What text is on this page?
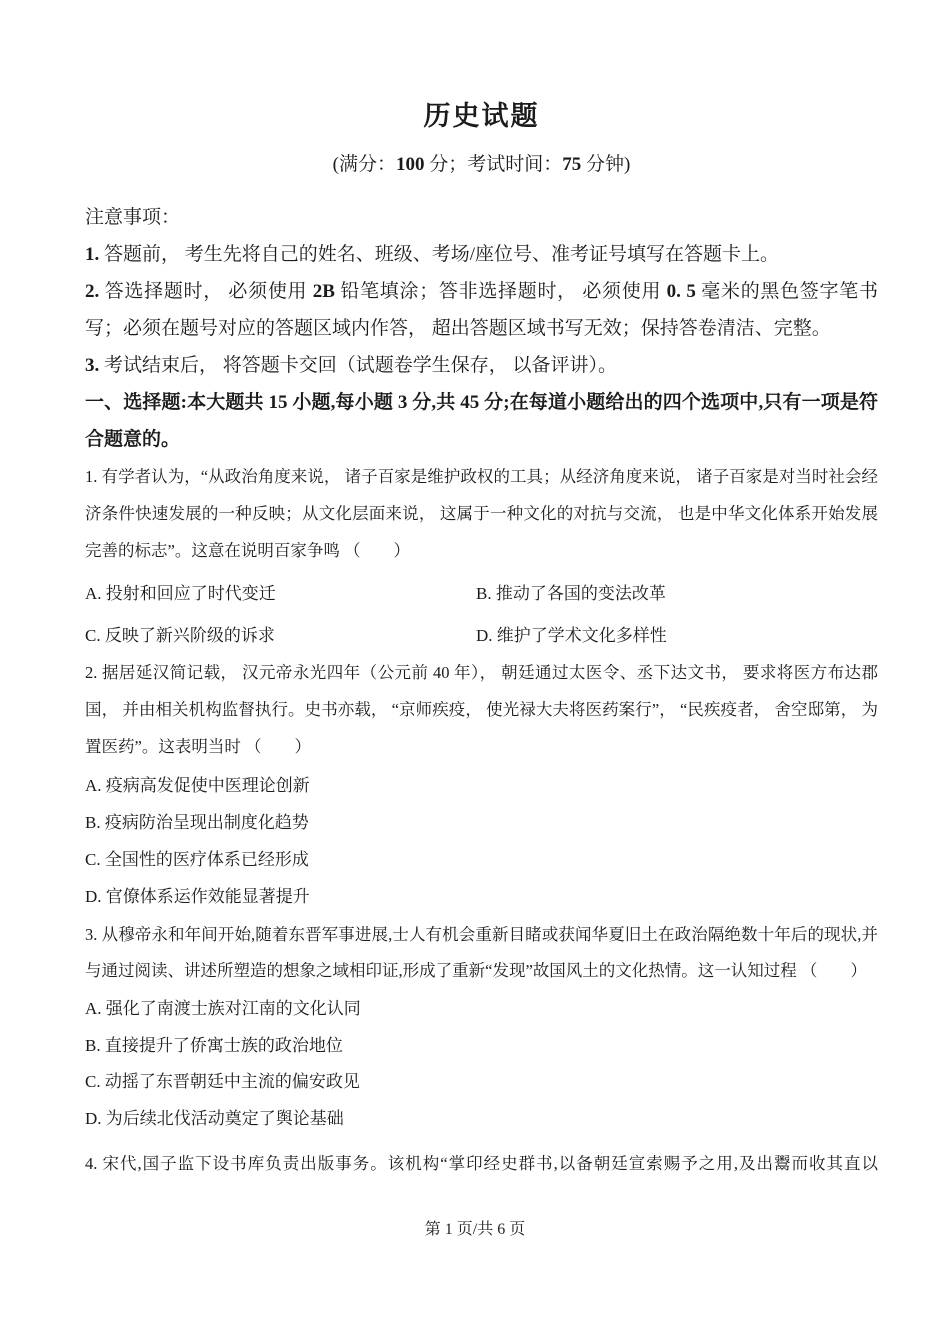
历史试题
(满分：100 分；考试时间：75 分钟)
注意事项：

1. 答题前， 考生先将自己的姓名、班级、考场/座位号、准考证号填写在答题卡上。

2. 答选择题时， 必须使用 2B 铅笔填涂；答非选择题时， 必须使用 0. 5 毫米的黑色签字笔书写；必须在题号对应的答题区域内作答， 超出答题区域书写无效；保持答卷清洁、完整。

3. 考试结束后， 将答题卡交回（试题卷学生保存， 以备评讲）。

一、选择题:本大题共 15 小题,每小题 3 分,共 45 分;在每道小题给出的四个选项中,只有一项是符合题意的。

1. 有学者认为，“从政治角度来说， 诸子百家是维护政权的工具；从经济角度来说， 诸子百家是对当时社会经济条件快速发展的一种反映；从文化层面来说， 这属于一种文化的对抗与交流， 也是中华文化体系开始发展完善的标志”。这意在说明百家争鸣 （　　）

A. 投射和回应了时代变迁	B. 推动了各国的变法改革
C. 反映了新兴阶级的诉求	D. 维护了学术文化多样性

2. 据居延汉简记载， 汉元帝永光四年（公元前 40 年）， 朝廷通过太医令、丞下达文书， 要求将医方布达郡国， 并由相关机构监督执行。史书亦载， “京师疾疫， 使光禄大夫将医药案行”， “民疾疫者， 舍空邸第， 为置医药”。这表明当时 （　　）

A. 疫病高发促使中医理论创新
B. 疫病防治呈现出制度化趋势
C. 全国性的医疗体系已经形成
D. 官僚体系运作效能显著提升

3. 从穆帝永和年间开始,随着东晋军事进展,士人有机会重新目睹或获闻华夏旧土在政治隔绝数十年后的现状,并与通过阅读、讲述所塑造的想象之域相印证,形成了重新“发现”故国风土的文化热情。这一认知过程 （　　）

A. 强化了南渡士族对江南的文化认同
B. 直接提升了侨寓士族的政治地位
C. 动摇了东晋朝廷中主流的偏安政见
D. 为后续北伐活动奠定了舆论基础

4. 宋代,国子监下设书库负责出版事务。该机构“掌印经史群书,以备朝廷宣索赐予之用,及出鬻而收其直以

第 1 页/共 6 页
